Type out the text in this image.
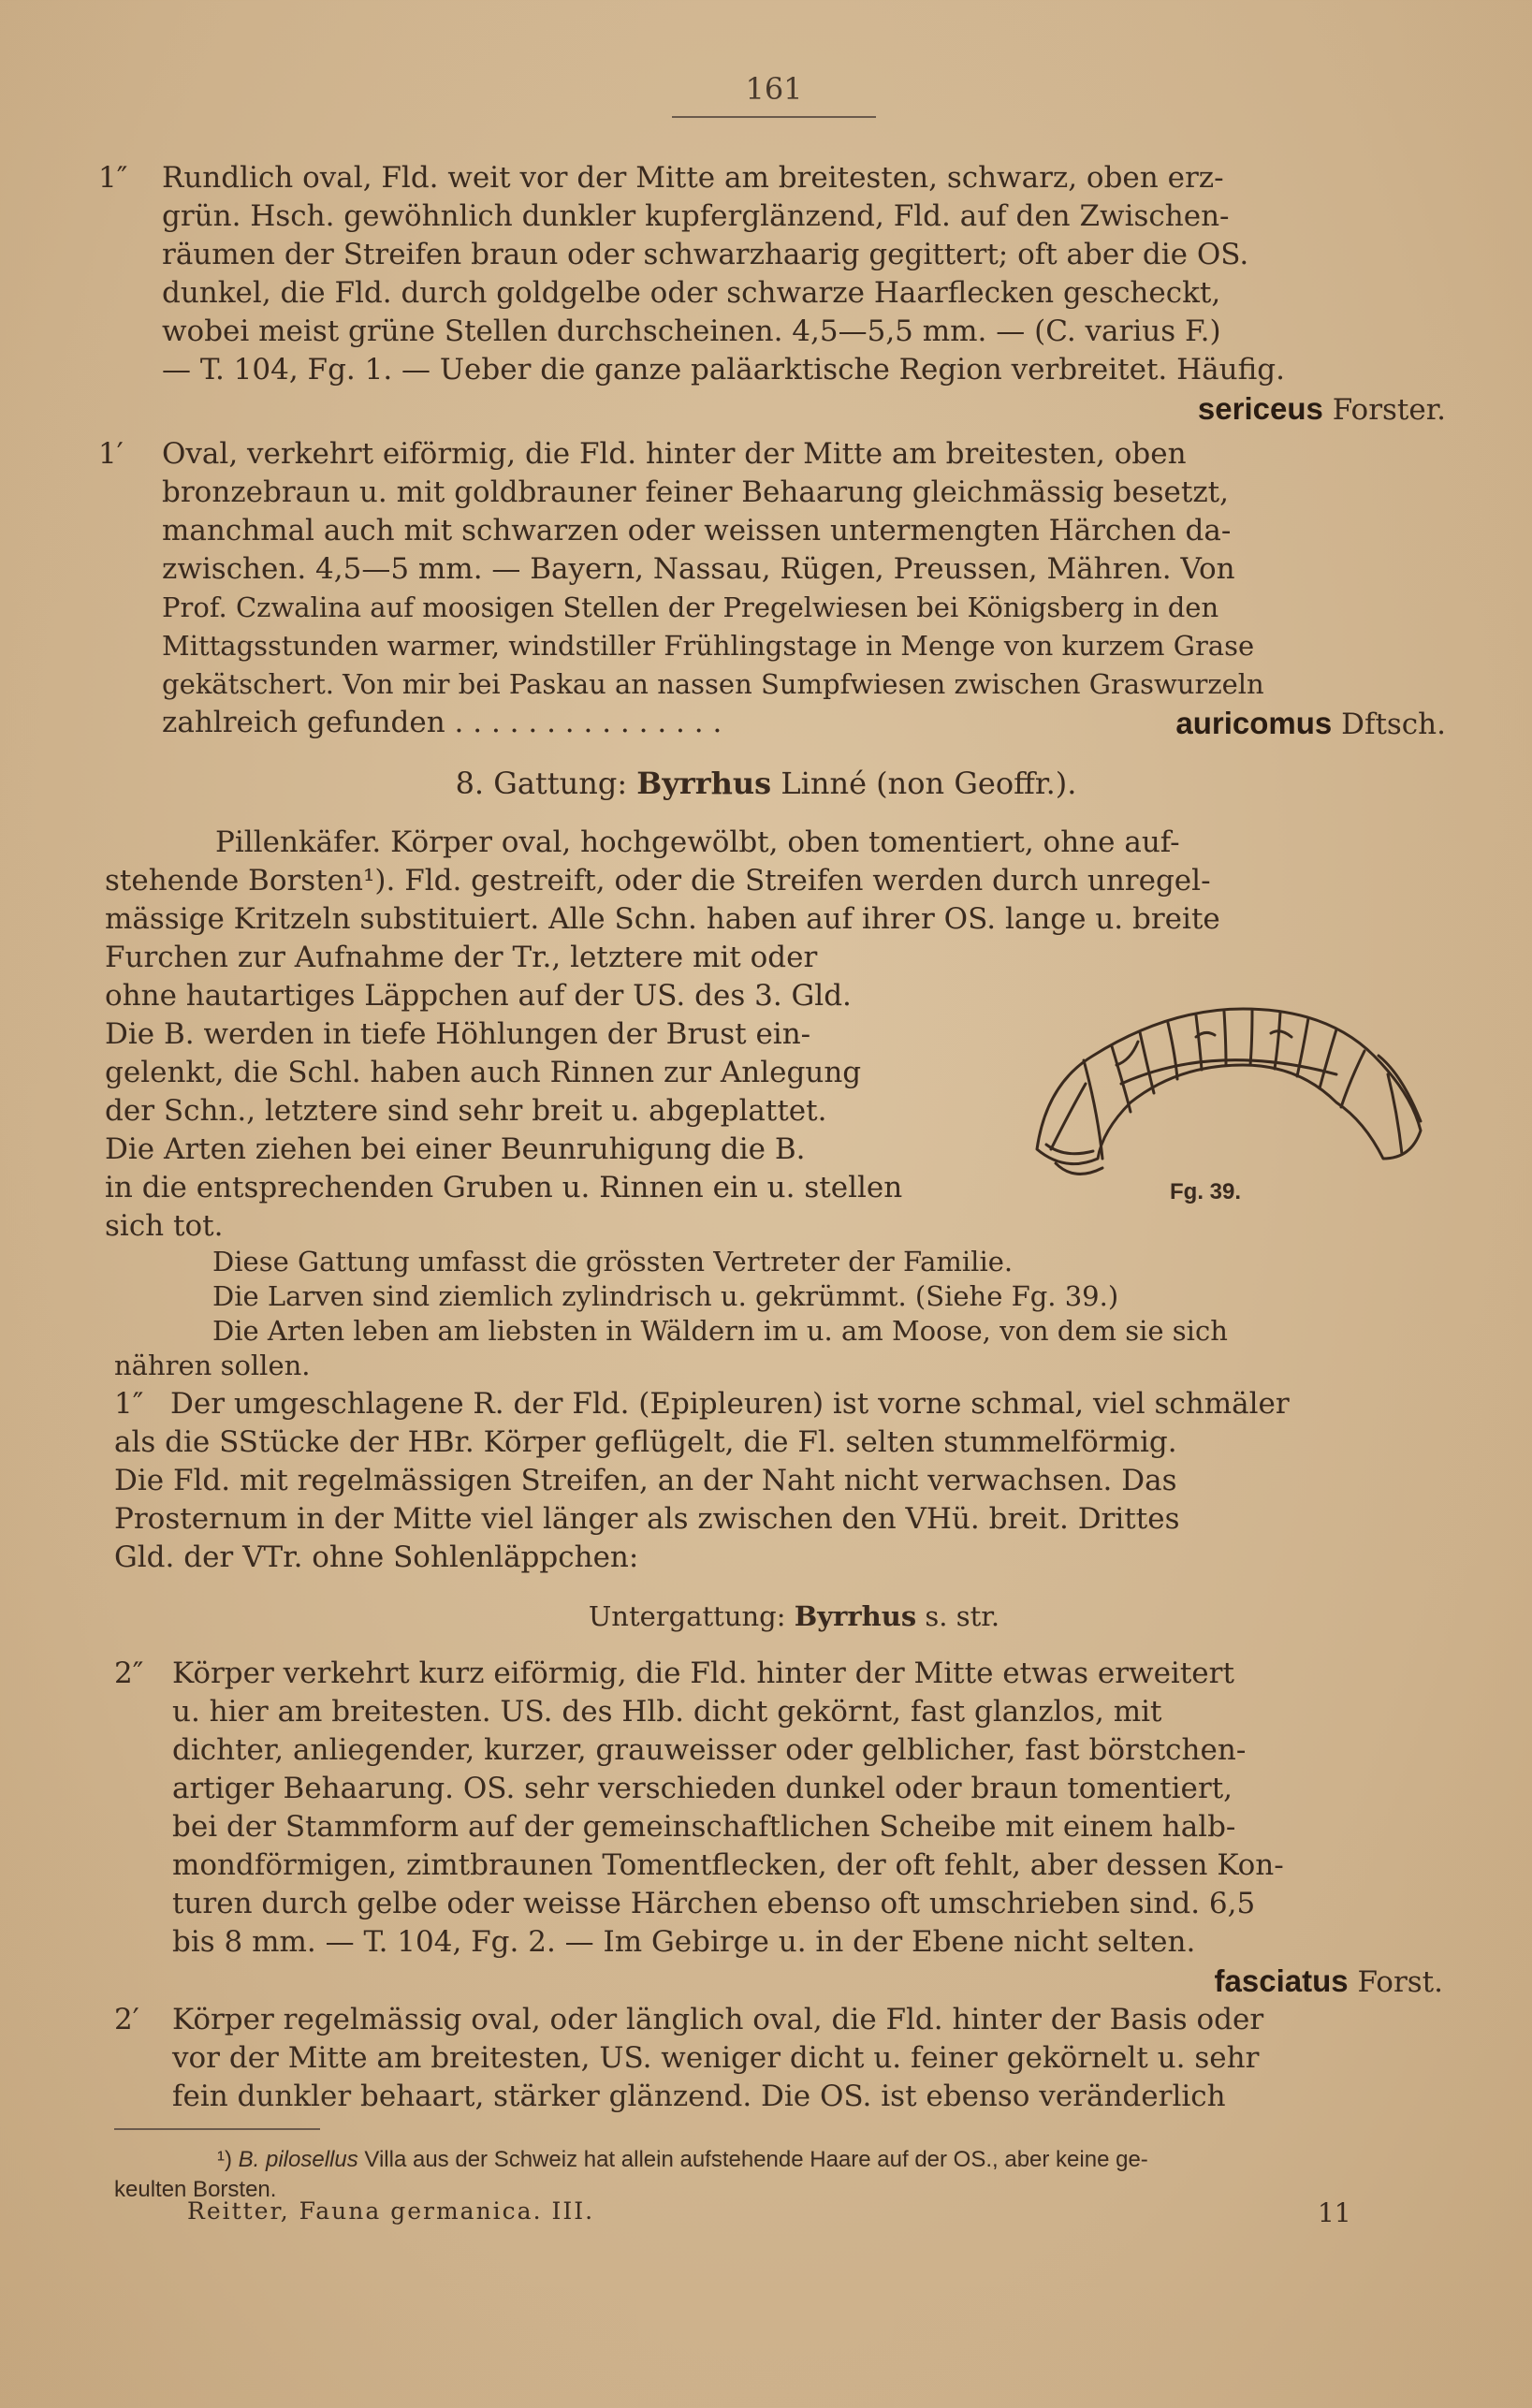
161
1″	Rundlich oval, Fld. weit vor der Mitte am breitesten, schwarz, oben erz-
grün. Hsch. gewöhnlich dunkler kupferglänzend, Fld. auf den Zwischen-
räumen der Streifen braun oder schwarzhaarig gegittert; oft aber die OS.
dunkel, die Fld. durch goldgelbe oder schwarze Haarflecken gescheckt,
wobei meist grüne Stellen durchscheinen. 4,5—5,5 mm. — (C. varius F.)
— T. 104, Fg. 1. — Ueber die ganze paläarktische Region verbreitet. Häufig.
sericeus Forster.
1′	Oval, verkehrt eiförmig, die Fld. hinter der Mitte am breitesten, oben
bronzebraun u. mit goldbrauner feiner Behaarung gleichmässig besetzt,
manchmal auch mit schwarzen oder weissen untermengten Härchen da-
zwischen. 4,5—5 mm. — Bayern, Nassau, Rügen, Preussen, Mähren. Von
Prof. Czwalina auf moosigen Stellen der Pregelwiesen bei Königsberg in den
Mittagsstunden warmer, windstiller Frühlingstage in Menge von kurzem Grase
gekätschert. Von mir bei Paskau an nassen Sumpfwiesen zwischen Graswurzeln
zahlreich gefunden . . . . . . . . . . . . . . .	auricomus Dftsch.
8. Gattung: Byrrhus Linné (non Geoffr.).
Pillenkäfer. Körper oval, hochgewölbt, oben tomentiert, ohne auf-
stehende Borsten¹). Fld. gestreift, oder die Streifen werden durch unregel-
mässige Kritzeln substituiert. Alle Schn. haben auf ihrer OS. lange u. breite
Furchen zur Aufnahme der Tr., letztere mit oder
ohne hautartiges Läppchen auf der US. des 3. Gld.
Die B. werden in tiefe Höhlungen der Brust ein-
gelenkt, die Schl. haben auch Rinnen zur Anlegung
der Schn., letztere sind sehr breit u. abgeplattet.
Die Arten ziehen bei einer Beunruhigung die B.
in die entsprechenden Gruben u. Rinnen ein u. stellen
sich tot.
Fg. 39.
Diese Gattung umfasst die grössten Vertreter der Familie.
Die Larven sind ziemlich zylindrisch u. gekrümmt. (Siehe Fg. 39.)
Die Arten leben am liebsten in Wäldern im u. am Moose, von dem sie sich
nähren sollen.
1″ Der umgeschlagene R. der Fld. (Epipleuren) ist vorne schmal, viel schmäler
als die SStücke der HBr. Körper geflügelt, die Fl. selten stummelförmig.
Die Fld. mit regelmässigen Streifen, an der Naht nicht verwachsen. Das
Prosternum in der Mitte viel länger als zwischen den VHü. breit. Drittes
Gld. der VTr. ohne Sohlenläppchen:
Untergattung: Byrrhus s. str.
2″ Körper verkehrt kurz eiförmig, die Fld. hinter der Mitte etwas erweitert
u. hier am breitesten. US. des Hlb. dicht gekörnt, fast glanzlos, mit
dichter, anliegender, kurzer, grauweisser oder gelblicher, fast börstchen-
artiger Behaarung. OS. sehr verschieden dunkel oder braun tomentiert,
bei der Stammform auf der gemeinschaftlichen Scheibe mit einem halb-
mondförmigen, zimtbraunen Tomentflecken, der oft fehlt, aber dessen Kon-
turen durch gelbe oder weisse Härchen ebenso oft umschrieben sind. 6,5
bis 8 mm. — T. 104, Fg. 2. — Im Gebirge u. in der Ebene nicht selten.
fasciatus Forst.
2′	Körper regelmässig oval, oder länglich oval, die Fld. hinter der Basis oder
vor der Mitte am breitesten, US. weniger dicht u. feiner gekörnelt u. sehr
fein dunkler behaart, stärker glänzend. Die OS. ist ebenso veränderlich
¹) B. pilosellus Villa aus der Schweiz hat allein aufstehende Haare auf der OS., aber keine ge-
keulten Borsten.
Reitter, Fauna germanica. III.	11
